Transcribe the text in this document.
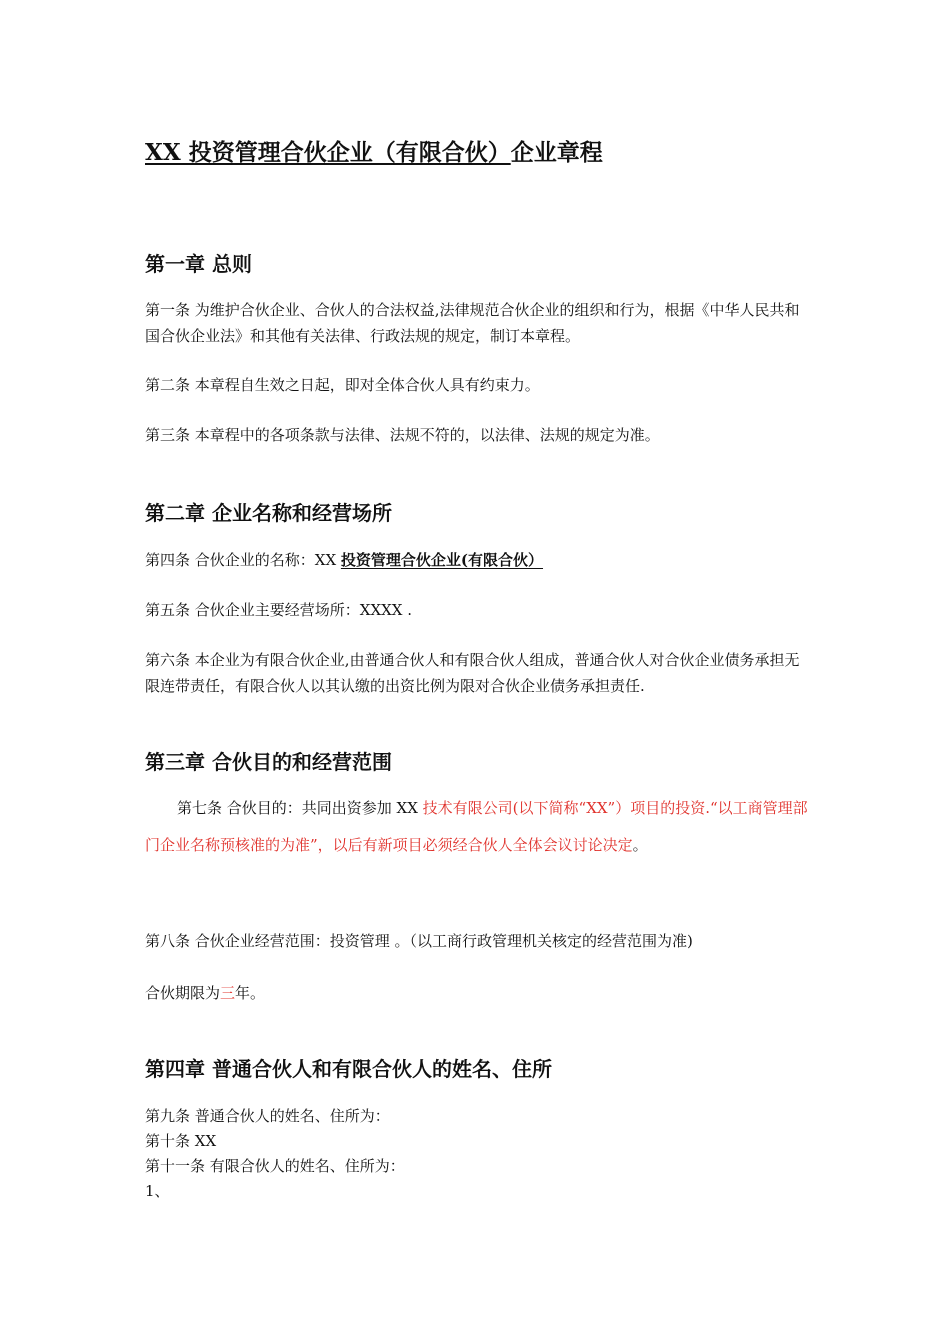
XX 投资管理合伙企业（有限合伙）企业章程
第一章 总则
第一条 为维护合伙企业、合伙人的合法权益,法律规范合伙企业的组织和行为，根据《中华人民共和国合伙企业法》和其他有关法律、行政法规的规定，制订本章程。
第二条 本章程自生效之日起，即对全体合伙人具有约束力。
第三条 本章程中的各项条款与法律、法规不符的，以法律、法规的规定为准。
第二章 企业名称和经营场所
第四条 合伙企业的名称：XX 投资管理合伙企业(有限合伙）
第五条 合伙企业主要经营场所：XXXX .
第六条 本企业为有限合伙企业,由普通合伙人和有限合伙人组成，普通合伙人对合伙企业债务承担无限连带责任，有限合伙人以其认缴的出资比例为限对合伙企业债务承担责任.
第三章 合伙目的和经营范围
第七条 合伙目的：共同出资参加 XX 技术有限公司(以下简称“XX”）项目的投资.“以工商管理部门企业名称预核准的为准”，以后有新项目必须经合伙人全体会议讨论决定。
第八条 合伙企业经营范围：投资管理 。（以工商行政管理机关核定的经营范围为准)
合伙期限为三年。
第四章 普通合伙人和有限合伙人的姓名、住所
第九条 普通合伙人的姓名、住所为：
第十条 XX
第十一条 有限合伙人的姓名、住所为：
1、
